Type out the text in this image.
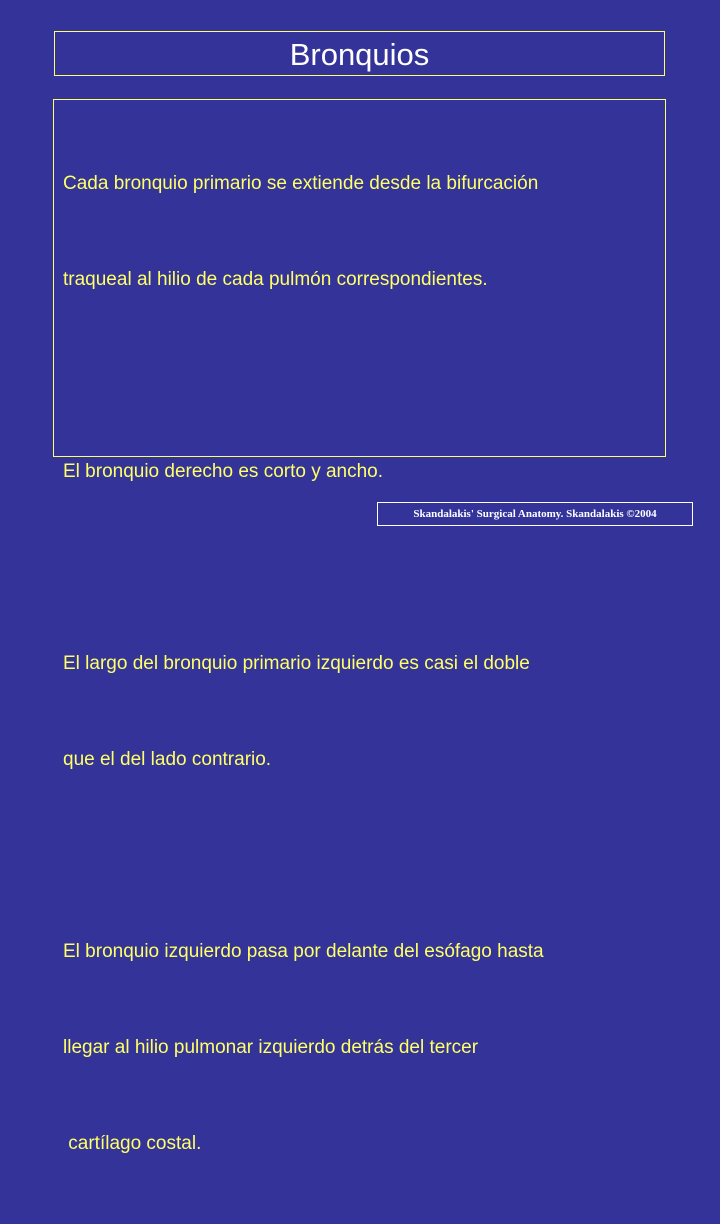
Bronquios

Cada bronquio primario se extiende desde la bifurcación

traqueal al hilio de cada pulmón correspondientes.

El bronquio derecho es corto y ancho.

El largo del bronquio primario izquierdo es casi el doble

que el del lado contrario.

El bronquio izquierdo pasa por delante del esófago hasta

llegar al hilio pulmonar izquierdo detrás del tercer

cartílago costal.

Skandalakis' Surgical Anatomy. Skandalakis ©2004
